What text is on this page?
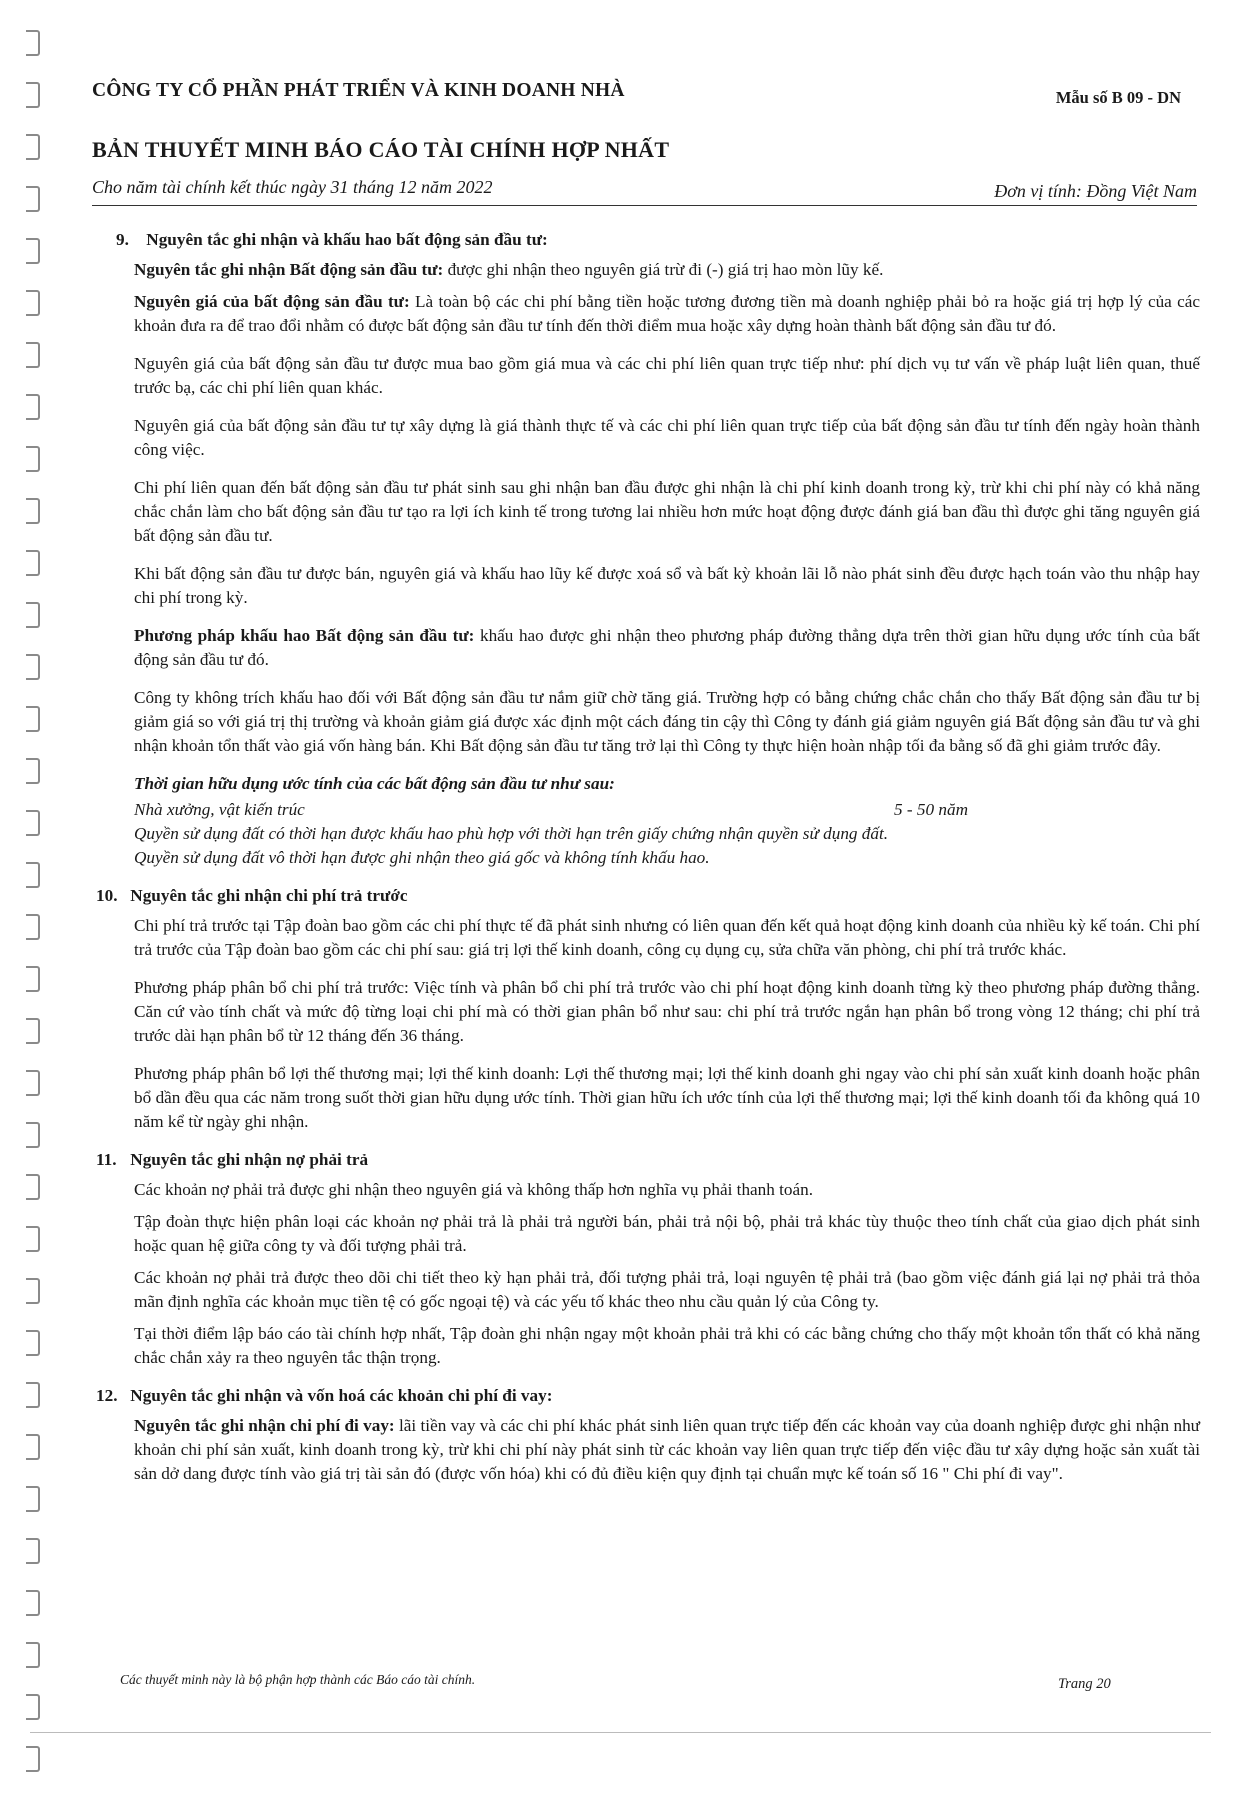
CÔNG TY CỔ PHẦN PHÁT TRIỂN VÀ KINH DOANH NHÀ	Mẫu số B 09 - DN
BẢN THUYẾT MINH BÁO CÁO TÀI CHÍNH HỢP NHẤT
Cho năm tài chính kết thúc ngày 31 tháng 12 năm 2022	Đơn vị tính: Đồng Việt Nam
9. Nguyên tắc ghi nhận và khấu hao bất động sản đầu tư:
Nguyên tắc ghi nhận Bất động sản đầu tư: được ghi nhận theo nguyên giá trừ đi (-) giá trị hao mòn lũy kế.
Nguyên giá của bất động sản đầu tư: Là toàn bộ các chi phí bằng tiền hoặc tương đương tiền mà doanh nghiệp phải bỏ ra hoặc giá trị hợp lý của các khoản đưa ra để trao đổi nhằm có được bất động sản đầu tư tính đến thời điểm mua hoặc xây dựng hoàn thành bất động sản đầu tư đó.
Nguyên giá của bất động sản đầu tư được mua bao gồm giá mua và các chi phí liên quan trực tiếp như: phí dịch vụ tư vấn về pháp luật liên quan, thuế trước bạ, các chi phí liên quan khác.
Nguyên giá của bất động sản đầu tư tự xây dựng là giá thành thực tế và các chi phí liên quan trực tiếp của bất động sản đầu tư tính đến ngày hoàn thành công việc.
Chi phí liên quan đến bất động sản đầu tư phát sinh sau ghi nhận ban đầu được ghi nhận là chi phí kinh doanh trong kỳ, trừ khi chi phí này có khả năng chắc chắn làm cho bất động sản đầu tư tạo ra lợi ích kinh tế trong tương lai nhiều hơn mức hoạt động được đánh giá ban đầu thì được ghi tăng nguyên giá bất động sản đầu tư.
Khi bất động sản đầu tư được bán, nguyên giá và khấu hao lũy kế được xoá sổ và bất kỳ khoản lãi lỗ nào phát sinh đều được hạch toán vào thu nhập hay chi phí trong kỳ.
Phương pháp khấu hao Bất động sản đầu tư: khấu hao được ghi nhận theo phương pháp đường thẳng dựa trên thời gian hữu dụng ước tính của bất động sản đầu tư đó.
Công ty không trích khấu hao đối với Bất động sản đầu tư nắm giữ chờ tăng giá. Trường hợp có bằng chứng chắc chắn cho thấy Bất động sản đầu tư bị giảm giá so với giá trị thị trường và khoản giảm giá được xác định một cách đáng tin cậy thì Công ty đánh giá giảm nguyên giá Bất động sản đầu tư và ghi nhận khoản tổn thất vào giá vốn hàng bán. Khi Bất động sản đầu tư tăng trở lại thì Công ty thực hiện hoàn nhập tối đa bằng số đã ghi giảm trước đây.
Thời gian hữu dụng ước tính của các bất động sản đầu tư như sau:
Nhà xưởng, vật kiến trúc	5 - 50 năm
Quyền sử dụng đất có thời hạn được khấu hao phù hợp với thời hạn trên giấy chứng nhận quyền sử dụng đất.
Quyền sử dụng đất vô thời hạn được ghi nhận theo giá gốc và không tính khấu hao.
10. Nguyên tắc ghi nhận chi phí trả trước
Chi phí trả trước tại Tập đoàn bao gồm các chi phí thực tế đã phát sinh nhưng có liên quan đến kết quả hoạt động kinh doanh của nhiều kỳ kế toán. Chi phí trả trước của Tập đoàn bao gồm các chi phí sau: giá trị lợi thế kinh doanh, công cụ dụng cụ, sửa chữa văn phòng, chi phí trả trước khác.
Phương pháp phân bổ chi phí trả trước: Việc tính và phân bổ chi phí trả trước vào chi phí hoạt động kinh doanh từng kỳ theo phương pháp đường thẳng. Căn cứ vào tính chất và mức độ từng loại chi phí mà có thời gian phân bổ như sau: chi phí trả trước ngắn hạn phân bổ trong vòng 12 tháng; chi phí trả trước dài hạn phân bổ từ 12 tháng đến 36 tháng.
Phương pháp phân bổ lợi thế thương mại; lợi thế kinh doanh: Lợi thế thương mại; lợi thế kinh doanh ghi ngay vào chi phí sản xuất kinh doanh hoặc phân bổ dần đều qua các năm trong suốt thời gian hữu dụng ước tính. Thời gian hữu ích ước tính của lợi thế thương mại; lợi thế kinh doanh tối đa không quá 10 năm kể từ ngày ghi nhận.
11. Nguyên tắc ghi nhận nợ phải trả
Các khoản nợ phải trả được ghi nhận theo nguyên giá và không thấp hơn nghĩa vụ phải thanh toán.
Tập đoàn thực hiện phân loại các khoản nợ phải trả là phải trả người bán, phải trả nội bộ, phải trả khác tùy thuộc theo tính chất của giao dịch phát sinh hoặc quan hệ giữa công ty và đối tượng phải trả.
Các khoản nợ phải trả được theo dõi chi tiết theo kỳ hạn phải trả, đối tượng phải trả, loại nguyên tệ phải trả (bao gồm việc đánh giá lại nợ phải trả thỏa mãn định nghĩa các khoản mục tiền tệ có gốc ngoại tệ) và các yếu tố khác theo nhu cầu quản lý của Công ty.
Tại thời điểm lập báo cáo tài chính hợp nhất, Tập đoàn ghi nhận ngay một khoản phải trả khi có các bằng chứng cho thấy một khoản tổn thất có khả năng chắc chắn xảy ra theo nguyên tắc thận trọng.
12. Nguyên tắc ghi nhận và vốn hoá các khoản chi phí đi vay:
Nguyên tắc ghi nhận chi phí đi vay: lãi tiền vay và các chi phí khác phát sinh liên quan trực tiếp đến các khoản vay của doanh nghiệp được ghi nhận như khoản chi phí sản xuất, kinh doanh trong kỳ, trừ khi chi phí này phát sinh từ các khoản vay liên quan trực tiếp đến việc đầu tư xây dựng hoặc sản xuất tài sản dở dang được tính vào giá trị tài sản đó (được vốn hóa) khi có đủ điều kiện quy định tại chuẩn mực kế toán số 16 " Chi phí đi vay".
Các thuyết minh này là bộ phận hợp thành các Báo cáo tài chính.	Trang 20
